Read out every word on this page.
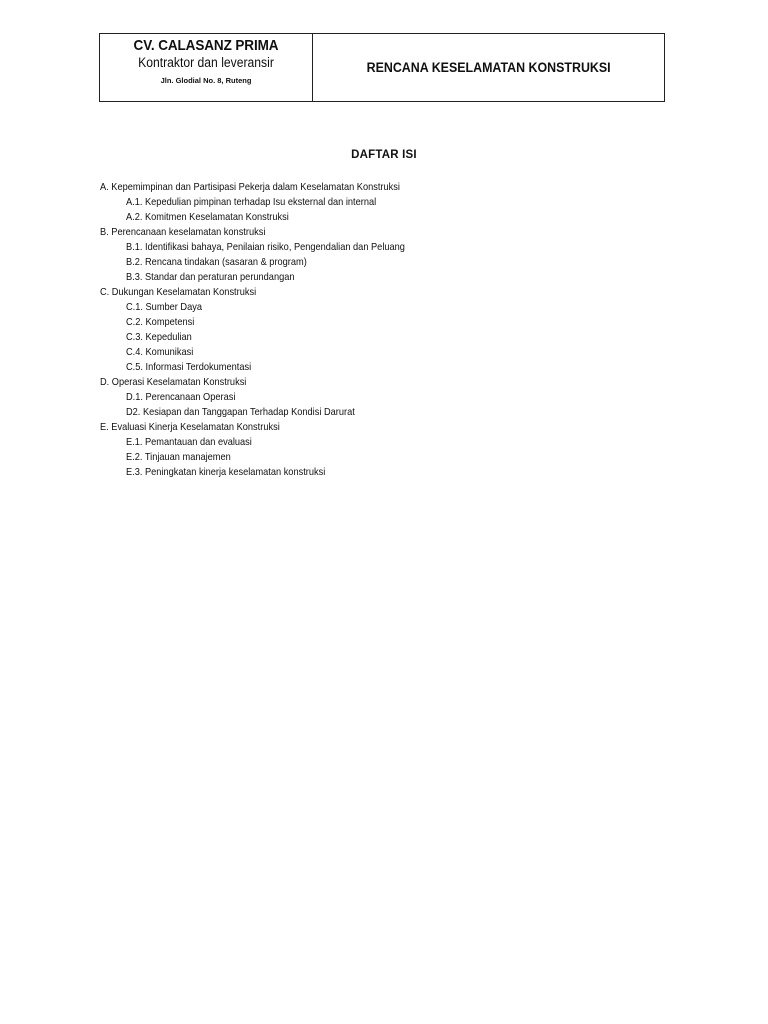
CV. CALASANZ PRIMA
Kontraktor dan leveransir
Jln. Glodial No. 8, Ruteng
RENCANA KESELAMATAN KONSTRUKSI
DAFTAR ISI
A. Kepemimpinan dan Partisipasi Pekerja dalam Keselamatan Konstruksi
A.1. Kepedulian pimpinan terhadap Isu eksternal dan internal
A.2. Komitmen Keselamatan Konstruksi
B. Perencanaan keselamatan konstruksi
B.1. Identifikasi bahaya, Penilaian risiko, Pengendalian dan Peluang
B.2. Rencana tindakan (sasaran & program)
B.3. Standar dan peraturan perundangan
C. Dukungan Keselamatan Konstruksi
C.1. Sumber Daya
C.2. Kompetensi
C.3. Kepedulian
C.4. Komunikasi
C.5. Informasi Terdokumentasi
D. Operasi Keselamatan Konstruksi
D.1. Perencanaan Operasi
D2. Kesiapan dan Tanggapan Terhadap Kondisi Darurat
E. Evaluasi Kinerja Keselamatan Konstruksi
E.1. Pemantauan dan evaluasi
E.2. Tinjauan manajemen
E.3. Peningkatan kinerja keselamatan konstruksi
